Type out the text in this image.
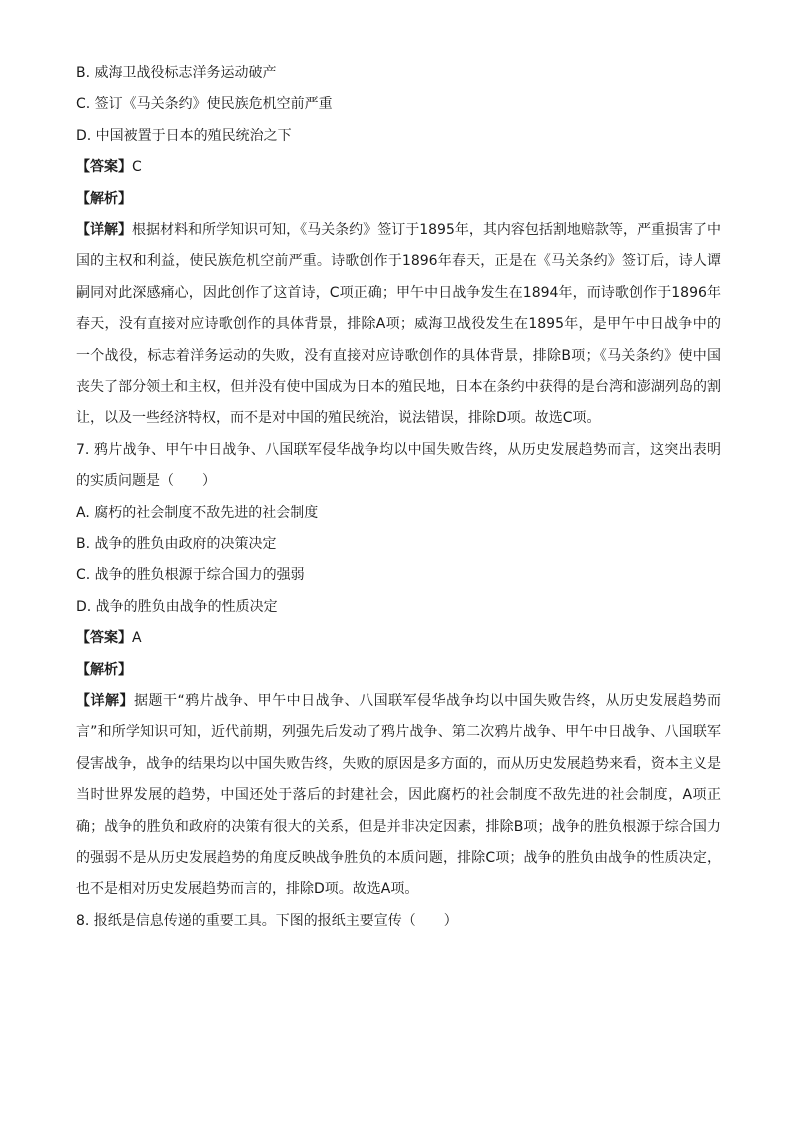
B. 威海卫战役标志洋务运动破产
C. 签订《马关条约》使民族危机空前严重
D. 中国被置于日本的殖民统治之下
【答案】C
【解析】
【详解】根据材料和所学知识可知，《马关条约》签订于1895年，其内容包括割地赔款等，严重损害了中国的主权和利益，使民族危机空前严重。诗歌创作于1896年春天，正是在《马关条约》签订后，诗人谭嗣同对此深感痛心，因此创作了这首诗，C项正确；甲午中日战争发生在1894年，而诗歌创作于1896年春天，没有直接对应诗歌创作的具体背景，排除A项；威海卫战役发生在1895年，是甲午中日战争中的一个战役，标志着洋务运动的失败，没有直接对应诗歌创作的具体背景，排除B项；《马关条约》使中国丧失了部分领土和主权，但并没有使中国成为日本的殖民地，日本在条约中获得的是台湾和澎湖列岛的割让，以及一些经济特权，而不是对中国的殖民统治，说法错误，排除D项。故选C项。
7. 鸦片战争、甲午中日战争、八国联军侵华战争均以中国失败告终，从历史发展趋势而言，这突出表明的实质问题是（　　）
A. 腐朽的社会制度不敌先进的社会制度
B. 战争的胜负由政府的决策决定
C. 战争的胜负根源于综合国力的强弱
D. 战争的胜负由战争的性质决定
【答案】A
【解析】
【详解】据题干“鸦片战争、甲午中日战争、八国联军侵华战争均以中国失败告终，从历史发展趋势而言”和所学知识可知，近代前期，列强先后发动了鸦片战争、第二次鸦片战争、甲午中日战争、八国联军侵害战争，战争的结果均以中国失败告终，失败的原因是多方面的，而从历史发展趋势来看，资本主义是当时世界发展的趋势，中国还处于落后的封建社会，因此腐朽的社会制度不敌先进的社会制度，A项正确；战争的胜负和政府的决策有很大的关系，但是并非决定因素，排除B项；战争的胜负根源于综合国力的强弱不是从历史发展趋势的角度反映战争胜负的本质问题，排除C项；战争的胜负由战争的性质决定，也不是相对历史发展趋势而言的，排除D项。故选A项。
8. 报纸是信息传递的重要工具。下图的报纸主要宣传（　　）
